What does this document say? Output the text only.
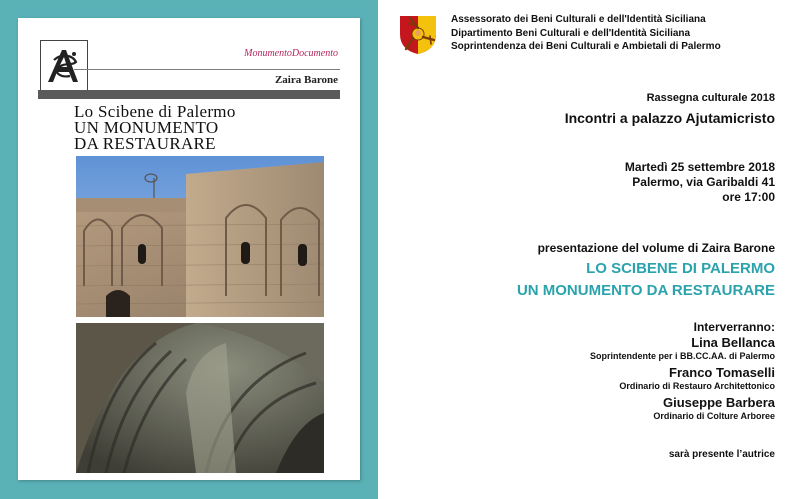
MonumentoDocumento
Zaira Barone
Lo Scibene di Palermo
UN MONUMENTO
DA RESTAURARE
Assessorato dei Beni Culturali e dell'Identità Siciliana
Dipartimento Beni Culturali e dell'Identità Siciliana
Soprintendenza dei Beni Culturali e Ambietali di Palermo
Rassegna culturale 2018
Incontri a palazzo Ajutamicristo
Martedì 25 settembre 2018
Palermo, via Garibaldi 41
ore 17:00
presentazione del volume di Zaira Barone
LO SCIBENE DI PALERMO
UN MONUMENTO DA RESTAURARE
Interverranno:
Lina Bellanca
Soprintendente per i BB.CC.AA. di Palermo
Franco Tomaselli
Ordinario di Restauro Architettonico
Giuseppe Barbera
Ordinario di Colture Arboree
sarà presente l’autrice
